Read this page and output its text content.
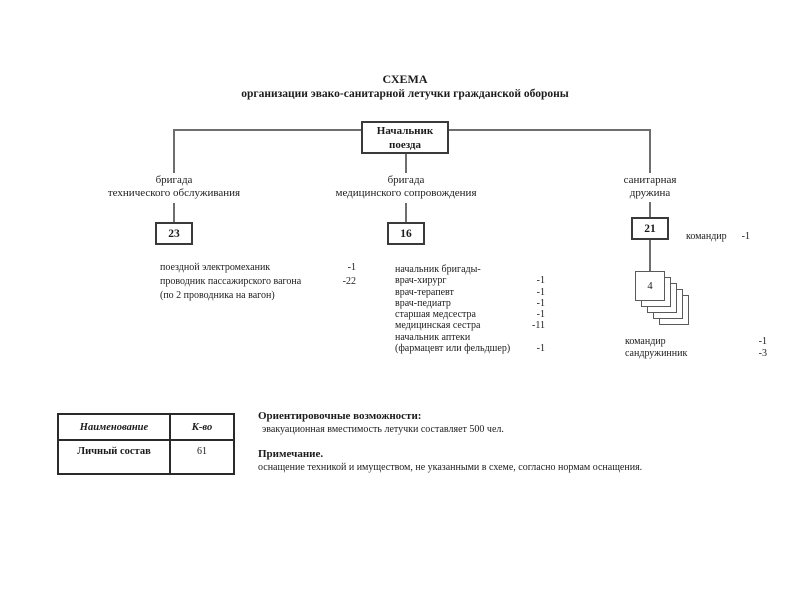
СХЕМА
организации эвако-санитарной летучки гражданской обороны
Начальник
поезда
бригада
технического обслуживания
бригада
медицинского сопровождения
санитарная
дружина
23	16	21
командир -1
поездной электромеханик	-1
проводник пассажирского вагона	-22
(по 2 проводника на вагон)
начальник бригады-
врач-хирург	-1
врач-терапевт	-1
врач-педиатр	-1
старшая медсестра	-1
медицинская сестра	-11
начальник аптеки
(фармацевт или фельдшер)	-1
4
командир	-1
сандружинник	-3
Наименование	К-во
Личный состав	61
Ориентировочные возможности:
эвакуационная вместимость летучки составляет 500 чел.
Примечание.
оснащение техникой и имуществом, не указанными в схеме, согласно нормам оснащения.
